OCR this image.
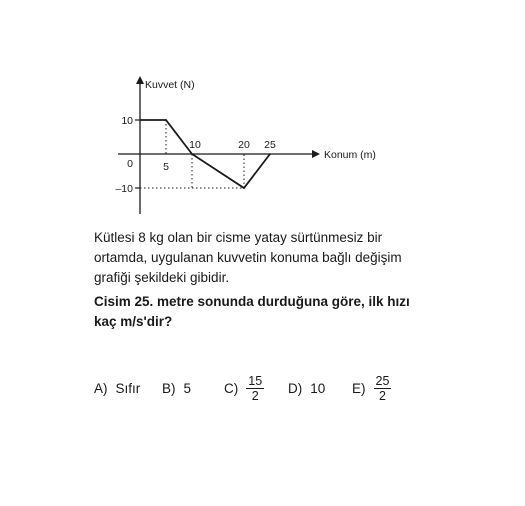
Kuvvet (N)
Konum (m)
10
0
–10
5
10	20 25
Kütlesi 8 kg olan bir cisme yatay sürtünmesiz bir ortamda, uygulanan kuvvetin konuma bağlı değişim grafiği şekildeki gibidir.
Cisim 25. metre sonunda durduğuna göre, ilk hızı kaç m/s'dir?
A) Sıfır B) 5 $C) \frac{15}{2} D$) 10 $E) \frac{25}{2}$
